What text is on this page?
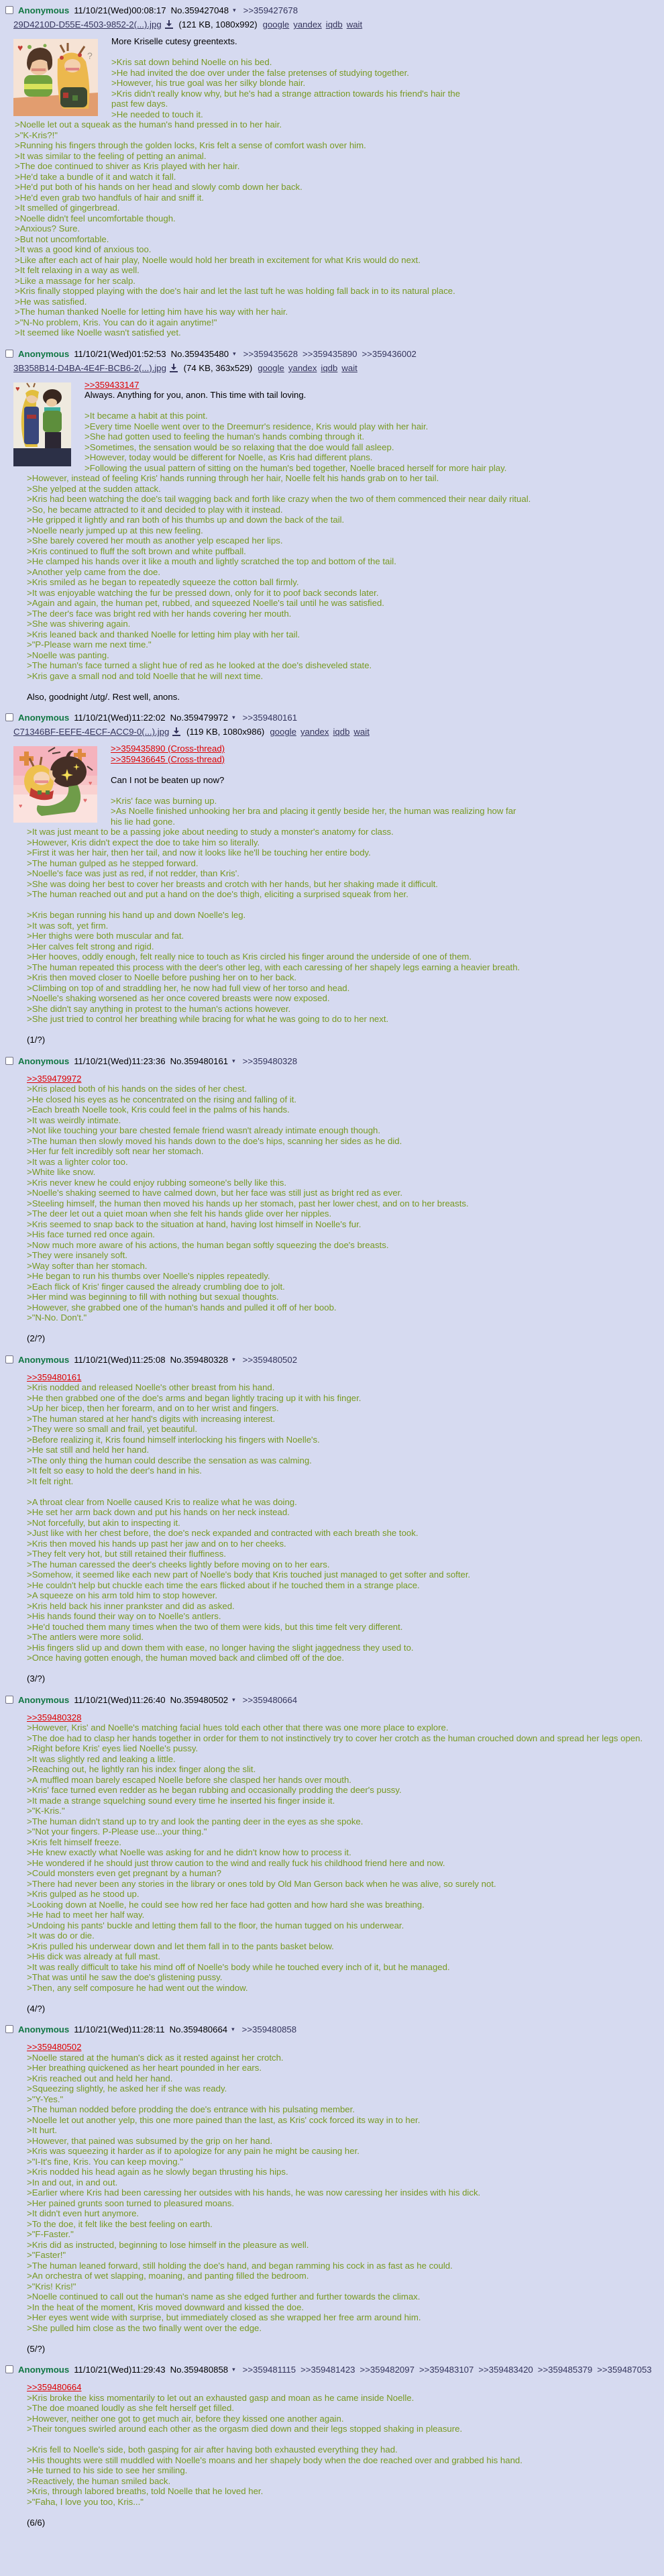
Anonymous 11/10/21(Wed)00:08:17 No.359427048 ▾ >>359427678
29D4210D-D55E-4503-9852-2(...).jpg (121 KB, 1080x992) google yandex iqdb wait
♥
?
More Kriselle cutesy greentexts.

>Kris sat down behind Noelle on his bed.
>He had invited the doe over under the false pretenses of studying together.
>However, his true goal was her silky blonde hair.
>Kris didn't really know why, but he's had a strange attraction towards his friend's hair the
past few days.
>He needed to touch it.
>Noelle let out a squeak as the human's hand pressed in to her hair.
>"K-Kris?!"
>Running his fingers through the golden locks, Kris felt a sense of comfort wash over him.
>It was similar to the feeling of petting an animal.
>The doe continued to shiver as Kris played with her hair.
>He'd take a bundle of it and watch it fall.
>He'd put both of his hands on her head and slowly comb down her back.
>He'd even grab two handfuls of hair and sniff it.
>It smelled of gingerbread.
>Noelle didn't feel uncomfortable though.
>Anxious? Sure.
>But not uncomfortable.
>It was a good kind of anxious too.
>Like after each act of hair play, Noelle would hold her breath in excitement for what Kris would do next.
>It felt relaxing in a way as well.
>Like a massage for her scalp.
>Kris finally stopped playing with the doe's hair and let the last tuft he was holding fall back in to its natural place.
>He was satisfied.
>The human thanked Noelle for letting him have his way with her hair.
>"N-No problem, Kris. You can do it again anytime!"
>It seemed like Noelle wasn't satisfied yet.
Anonymous 11/10/21(Wed)01:52:53 No.359435480 ▾ >>359435628 >>359435890 >>359436002
3B358B14-D4BA-4E4F-BCB6-2(...).jpg (74 KB, 363x529) google yandex iqdb wait
♥	>>359433147
Always. Anything for you, anon. This time with tail loving.

>It became a habit at this point.
>Every time Noelle went over to the Dreemurr's residence, Kris would play with her hair.
>She had gotten used to feeling the human's hands combing through it.
>Sometimes, the sensation would be so relaxing that the doe would fall asleep.
>However, today would be different for Noelle, as Kris had different plans.
>Following the usual pattern of sitting on the human's bed together, Noelle braced herself for more hair play.
>However, instead of feeling Kris' hands running through her hair, Noelle felt his hands grab on to her tail.
>She yelped at the sudden attack.
>Kris had been watching the doe's tail wagging back and forth like crazy when the two of them commenced their near daily ritual.
>So, he became attracted to it and decided to play with it instead.
>He gripped it lightly and ran both of his thumbs up and down the back of the tail.
>Noelle nearly jumped up at this new feeling.
>She barely covered her mouth as another yelp escaped her lips.
>Kris continued to fluff the soft brown and white puffball.
>He clamped his hands over it like a mouth and lightly scratched the top and bottom of the tail.
>Another yelp came from the doe.
>Kris smiled as he began to repeatedly squeeze the cotton ball firmly.
>It was enjoyable watching the fur be pressed down, only for it to poof back seconds later.
>Again and again, the human pet, rubbed, and squeezed Noelle's tail until he was satisfied.
>The deer's face was bright red with her hands covering her mouth.
>She was shivering again.
>Kris leaned back and thanked Noelle for letting him play with her tail.
>"P-Please warn me next time."
>Noelle was panting.
>The human's face turned a slight hue of red as he looked at the doe's disheveled state.
>Kris gave a small nod and told Noelle that he will next time.

Also, goodnight /utg/. Rest well, anons.
Anonymous 11/10/21(Wed)11:22:02 No.359479972 ▾ >>359480161
C71346BF-EEFE-4ECF-ACC9-0(...).jpg (119 KB, 1080x986) google yandex iqdb wait
♥
♥
♥
>>359435890 (Cross-thread)
>>359436645 (Cross-thread)

Can I not be beaten up now?

>Kris' face was burning up.
>As Noelle finished unhooking her bra and placing it gently beside her, the human was realizing how far
his lie had gone.
>It was just meant to be a passing joke about needing to study a monster's anatomy for class.
>However, Kris didn't expect the doe to take him so literally.
>First it was her hair, then her tail, and now it looks like he'll be touching her entire body.
>The human gulped as he stepped forward.
>Noelle's face was just as red, if not redder, than Kris'.
>She was doing her best to cover her breasts and crotch with her hands, but her shaking made it difficult.
>The human reached out and put a hand on the doe's thigh, eliciting a surprised squeak from her.

>Kris began running his hand up and down Noelle's leg.
>It was soft, yet firm.
>Her thighs were both muscular and fat.
>Her calves felt strong and rigid.
>Her hooves, oddly enough, felt really nice to touch as Kris circled his finger around the underside of one of them.
>The human repeated this process with the deer's other leg, with each caressing of her shapely legs earning a heavier breath.
>Kris then moved closer to Noelle before pushing her on to her back.
>Climbing on top of and straddling her, he now had full view of her torso and head.
>Noelle's shaking worsened as her once covered breasts were now exposed.
>She didn't say anything in protest to the human's actions however.
>She just tried to control her breathing while bracing for what he was going to do to her next.

(1/?)
Anonymous 11/10/21(Wed)11:23:36 No.359480161 ▾ >>359480328
>>359479972
>Kris placed both of his hands on the sides of her chest.
>He closed his eyes as he concentrated on the rising and falling of it.
>Each breath Noelle took, Kris could feel in the palms of his hands.
>It was weirdly intimate.
>Not like touching your bare chested female friend wasn't already intimate enough though.
>The human then slowly moved his hands down to the doe's hips, scanning her sides as he did.
>Her fur felt incredibly soft near her stomach.
>It was a lighter color too.
>White like snow.
>Kris never knew he could enjoy rubbing someone's belly like this.
>Noelle's shaking seemed to have calmed down, but her face was still just as bright red as ever.
>Steeling himself, the human then moved his hands up her stomach, past her lower chest, and on to her breasts.
>The deer let out a quiet moan when she felt his hands glide over her nipples.
>Kris seemed to snap back to the situation at hand, having lost himself in Noelle's fur.
>His face turned red once again.
>Now much more aware of his actions, the human began softly squeezing the doe's breasts.
>They were insanely soft.
>Way softer than her stomach.
>He began to run his thumbs over Noelle's nipples repeatedly.
>Each flick of Kris' finger caused the already crumbling doe to jolt.
>Her mind was beginning to fill with nothing but sexual thoughts.
>However, she grabbed one of the human's hands and pulled it off of her boob.
>"N-No. Don't."

(2/?)
Anonymous 11/10/21(Wed)11:25:08 No.359480328 ▾ >>359480502
>>359480161
>Kris nodded and released Noelle's other breast from his hand.
>He then grabbed one of the doe's arms and began lightly tracing up it with his finger.
>Up her bicep, then her forearm, and on to her wrist and fingers.
>The human stared at her hand's digits with increasing interest.
>They were so small and frail, yet beautiful.
>Before realizing it, Kris found himself interlocking his fingers with Noelle's.
>He sat still and held her hand.
>The only thing the human could describe the sensation as was calming.
>It felt so easy to hold the deer's hand in his.
>It felt right.

>A throat clear from Noelle caused Kris to realize what he was doing.
>He set her arm back down and put his hands on her neck instead.
>Not forcefully, but akin to inspecting it.
>Just like with her chest before, the doe's neck expanded and contracted with each breath she took.
>Kris then moved his hands up past her jaw and on to her cheeks.
>They felt very hot, but still retained their fluffiness.
>The human caressed the deer's cheeks lightly before moving on to her ears.
>Somehow, it seemed like each new part of Noelle's body that Kris touched just managed to get softer and softer.
>He couldn't help but chuckle each time the ears flicked about if he touched them in a strange place.
>A squeeze on his arm told him to stop however.
>Kris held back his inner prankster and did as asked.
>His hands found their way on to Noelle's antlers.
>He'd touched them many times when the two of them were kids, but this time felt very different.
>The antlers were more solid.
>His fingers slid up and down them with ease, no longer having the slight jaggedness they used to.
>Once having gotten enough, the human moved back and climbed off of the doe.

(3/?)
Anonymous 11/10/21(Wed)11:26:40 No.359480502 ▾ >>359480664
>>359480328
>However, Kris' and Noelle's matching facial hues told each other that there was one more place to explore.
>The doe had to clasp her hands together in order for them to not instinctively try to cover her crotch as the human crouched down and spread her legs open.
>Right before Kris' eyes lied Noelle's pussy.
>It was slightly red and leaking a little.
>Reaching out, he lightly ran his index finger along the slit.
>A muffled moan barely escaped Noelle before she clasped her hands over mouth.
>Kris' face turned even redder as he began rubbing and occasionally prodding the deer's pussy.
>It made a strange squelching sound every time he inserted his finger inside it.
>"K-Kris."
>The human didn't stand up to try and look the panting deer in the eyes as she spoke.
>"Not your fingers. P-Please use...your thing."
>Kris felt himself freeze.
>He knew exactly what Noelle was asking for and he didn't know how to process it.
>He wondered if he should just throw caution to the wind and really fuck his childhood friend here and now.
>Could monsters even get pregnant by a human?
>There had never been any stories in the library or ones told by Old Man Gerson back when he was alive, so surely not.
>Kris gulped as he stood up.
>Looking down at Noelle, he could see how red her face had gotten and how hard she was breathing.
>He had to meet her half way.
>Undoing his pants' buckle and letting them fall to the floor, the human tugged on his underwear.
>It was do or die.
>Kris pulled his underwear down and let them fall in to the pants basket below.
>His dick was already at full mast.
>It was really difficult to take his mind off of Noelle's body while he touched every inch of it, but he managed.
>That was until he saw the doe's glistening pussy.
>Then, any self composure he had went out the window.

(4/?)
Anonymous 11/10/21(Wed)11:28:11 No.359480664 ▾ >>359480858
>>359480502
>Noelle stared at the human's dick as it rested against her crotch.
>Her breathing quickened as her heart pounded in her ears.
>Kris reached out and held her hand.
>Squeezing slightly, he asked her if she was ready.
>"Y-Yes."
>The human nodded before prodding the doe's entrance with his pulsating member.
>Noelle let out another yelp, this one more pained than the last, as Kris' cock forced its way in to her.
>It hurt.
>However, that pained was subsumed by the grip on her hand.
>Kris was squeezing it harder as if to apologize for any pain he might be causing her.
>"I-It's fine, Kris. You can keep moving."
>Kris nodded his head again as he slowly began thrusting his hips.
>In and out, in and out.
>Earlier where Kris had been caressing her outsides with his hands, he was now caressing her insides with his dick.
>Her pained grunts soon turned to pleasured moans.
>It didn't even hurt anymore.
>To the doe, it felt like the best feeling on earth.
>"F-Faster."
>Kris did as instructed, beginning to lose himself in the pleasure as well.
>"Faster!"
>The human leaned forward, still holding the doe's hand, and began ramming his cock in as fast as he could.
>An orchestra of wet slapping, moaning, and panting filled the bedroom.
>"Kris! Kris!"
>Noelle continued to call out the human's name as she edged further and further towards the climax.
>In the heat of the moment, Kris moved downward and kissed the doe.
>Her eyes went wide with surprise, but immediately closed as she wrapped her free arm around him.
>She pulled him close as the two finally went over the edge.

(5/?)
Anonymous 11/10/21(Wed)11:29:43 No.359480858 ▾ >>359481115 >>359481423 >>359482097 >>359483107 >>359483420 >>359485379 >>359487053
>>359480664
>Kris broke the kiss momentarily to let out an exhausted gasp and moan as he came inside Noelle.
>The doe moaned loudly as she felt herself get filled.
>However, neither one got to get much air, before they kissed one another again.
>Their tongues swirled around each other as the orgasm died down and their legs stopped shaking in pleasure.

>Kris fell to Noelle's side, both gasping for air after having both exhausted everything they had.
>His thoughts were still muddled with Noelle's moans and her shapely body when the doe reached over and grabbed his hand.
>He turned to his side to see her smiling.
>Reactively, the human smiled back.
>Kris, through labored breaths, told Noelle that he loved her.
>"Faha, I love you too, Kris..."

(6/6)
